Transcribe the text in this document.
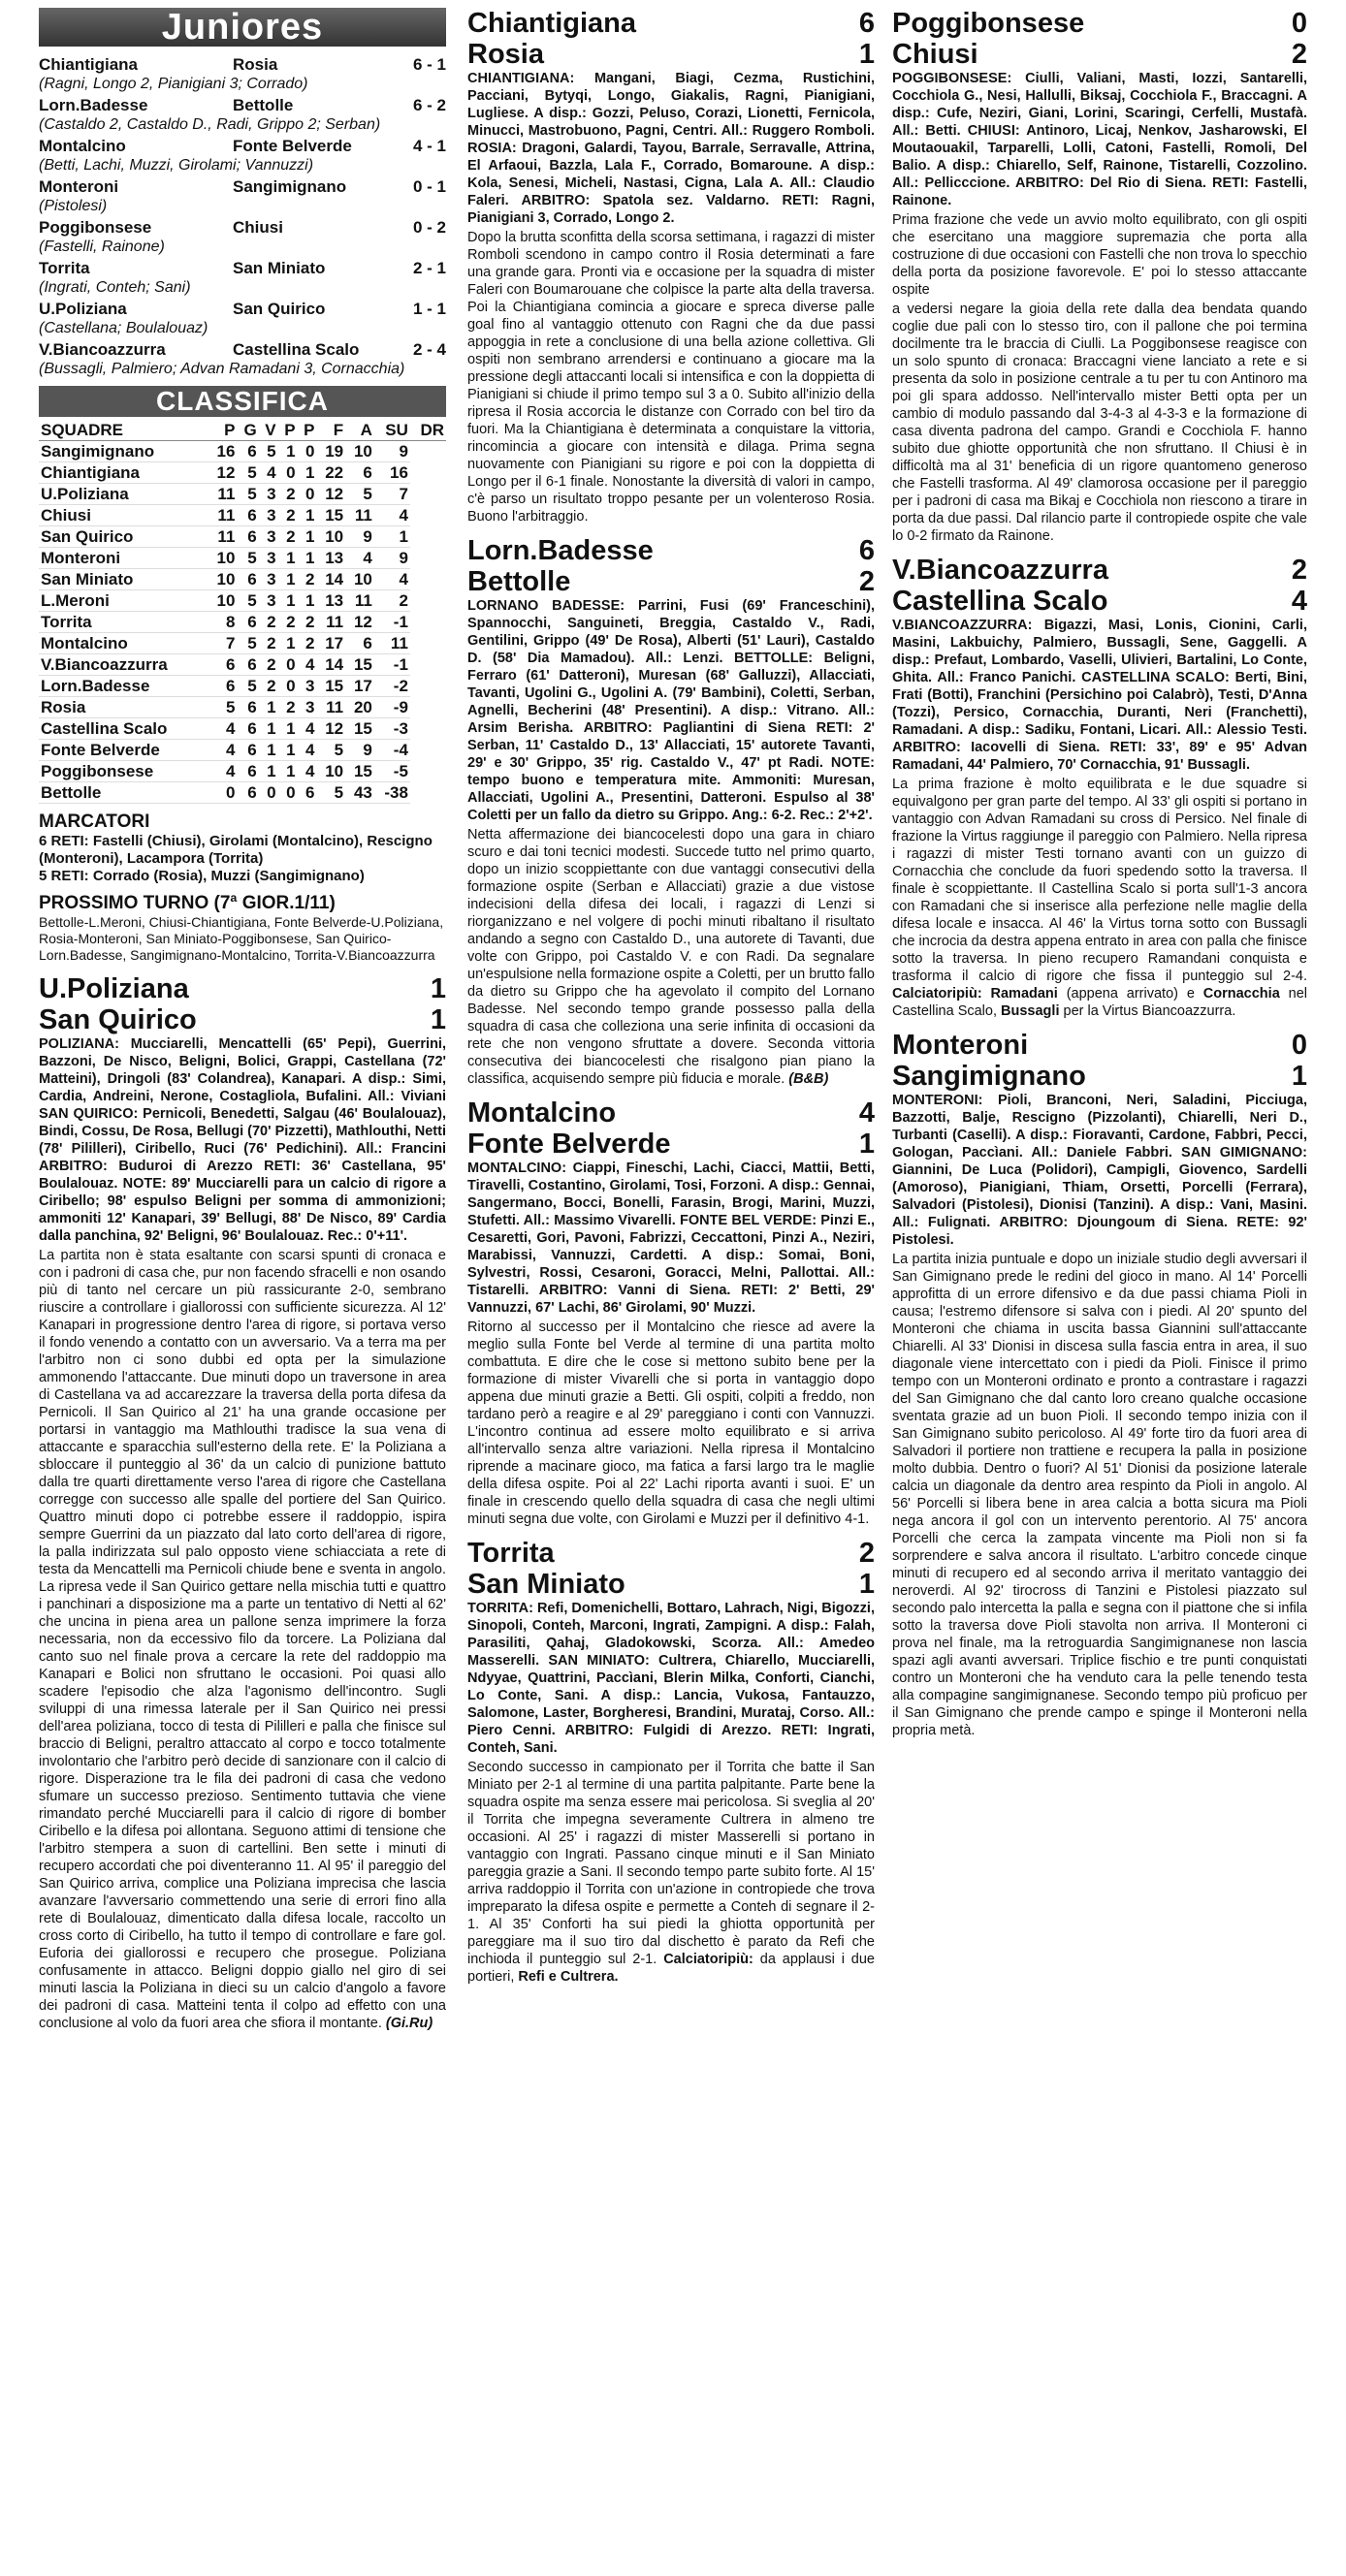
Juniores
Chiantigiana	Rosia	6 - 1
(Ragni, Longo 2, Pianigiani 3; Corrado)
Lorn.Badesse	Bettolle	6 - 2
(Castaldo 2, Castaldo D., Radi, Grippo 2; Serban)
Montalcino	Fonte Belverde	4 - 1
(Betti, Lachi, Muzzi, Girolami; Vannuzzi)
Monteroni	Sangimignano	0 - 1
(Pistolesi)
Poggibonsese	Chiusi	0 - 2
(Fastelli, Rainone)
Torrita	San Miniato	2 - 1
(Ingrati, Conteh; Sani)
U.Poliziana	San Quirico	1 - 1
(Castellana; Boulalouaz)
V.Biancoazzurra	Castellina Scalo	2 - 4
(Bussagli, Palmiero; Advan Ramadani 3, Cornacchia)
CLASSIFICA
SQUADRE	P	G	V	P	P	F	A	SU	DR
Sangimignano	16	6	5	1	0	19	10	9	
Chiantigiana	12	5	4	0	1	22	6	16	
U.Poliziana	11	5	3	2	0	12	5	7	
Chiusi	11	6	3	2	1	15	11	4	
San Quirico	11	6	3	2	1	10	9	1	
Monteroni	10	5	3	1	1	13	4	9	
San Miniato	10	6	3	1	2	14	10	4	
L.Meroni	10	5	3	1	1	13	11	2	
Torrita	8	6	2	2	2	11	12	-1	
Montalcino	7	5	2	1	2	17	6	11	
V.Biancoazzurra	6	6	2	0	4	14	15	-1	
Lorn.Badesse	6	5	2	0	3	15	17	-2	
Rosia	5	6	1	2	3	11	20	-9	
Castellina Scalo	4	6	1	1	4	12	15	-3	
Fonte Belverde	4	6	1	1	4	5	9	-4	
Poggibonsese	4	6	1	1	4	10	15	-5	
Bettolle	0	6	0	0	6	5	43	-38	
MARCATORI
6 RETI: Fastelli (Chiusi), Girolami (Montalcino), Rescigno (Monteroni), Lacamporа (Torrita)
5 RETI: Corrado (Rosia), Muzzi (Sangimignano)
PROSSIMO TURNO (7ª GIOR.1/11)
Bettolle-L.Meroni, Chiusi-Chiantigiana, Fonte Belverde-U.Poliziana, Rosia-Monteroni, San Miniato-Poggibonsese, San Quirico-Lorn.Badesse, Sangimignano-Montalcino, Torrita-V.Biancoazzurra
U.Poliziana	1
San Quirico	1
POLIZIANA: Mucciarelli, Mencattelli (65' Pepi), Guerrini, Bazzoni, De Nisco, Beligni, Bolici, Grappi, Castellana (72' Matteini), Dringoli (83' Colandrea), Kanapari. A disp.: Simi, Cardia, Andreini, Nerone, Costagliola, Bufalini. All.: Viviani SAN QUIRICO: Pernicoli, Benedetti, Salgau (46' Boulalouaz), Bindi, Cossu, De Rosa, Bellugi (70' Pizzetti), Mathlouthi, Netti (78' Pililleri), Ciribello, Ruci (76' Pedichini). All.: Francini ARBITRO: Buduroi di Arezzo RETI: 36' Castellana, 95' Boulalouaz. NOTE: 89' Mucciarelli para un calcio di rigore a Ciribello; 98' espulso Beligni per somma di ammonizioni; ammoniti 12' Kanapari, 39' Bellugi, 88' De Nisco, 89' Cardia dalla panchina, 92' Beligni, 96' Boulalouaz. Rec.: 0'+11'.
La partita non è stata esaltante con scarsi spunti di cronaca e con i padroni di casa che, pur non facendo sfracelli e non osando più di tanto nel cercare un più rassicurante 2-0, sembrano riuscire a controllare i giallorossi con sufficiente sicurezza. Al 12' Kanapari in progressione dentro l'area di rigore, si portava verso il fondo venendo a contatto con un avversario. Va a terra ma per l'arbitro non ci sono dubbi ed opta per la simulazione ammonendo l'attaccante. Due minuti dopo un traversone in area di Castellana va ad accarezzare la traversa della porta difesa da Pernicoli. Il San Quirico al 21' ha una grande occasione per portarsi in vantaggio ma Mathlouthi tradisce la sua vena di attaccante e sparacchia sull'esterno della rete. E' la Poliziana a sbloccare il punteggio al 36' da un calcio di punizione battuto dalla tre quarti direttamente verso l'area di rigore che Castellana corregge con successo alle spalle del portiere del San Quirico. Quattro minuti dopo ci potrebbe essere il raddoppio, ispira sempre Guerrini da un piazzato dal lato corto dell'area di rigore, la palla indirizzata sul palo opposto viene schiacciata a rete di testa da Mencattelli ma Pernicoli chiude bene e sventa in angolo. La ripresa vede il San Quirico gettare nella mischia tutti e quattro i panchinari a disposizione ma a parte un tentativo di Netti al 62' che uncina in piena area un pallone senza imprimere la forza necessaria, non da eccessivo filo da torcere. La Poliziana dal canto suo nel finale prova a cercare la rete del raddoppio ma Kanapari e Bolici non sfruttano le occasioni. Poi quasi allo scadere l'episodio che alza l'agonismo dell'incontro. Sugli sviluppi di una rimessa laterale per il San Quirico nei pressi dell'area poliziana, tocco di testa di Pililleri e palla che finisce sul braccio di Beligni, peraltro attaccato al corpo e tocco totalmente involontario che l'arbitro però decide di sanzionare con il calcio di rigore. Disperazione tra le fila dei padroni di casa che vedono sfumare un successo prezioso. Sentimento tuttavia che viene rimandato perché Mucciarelli para il calcio di rigore di bomber Ciribello e la difesa poi allontana. Seguono attimi di tensione che l'arbitro stempera a suon di cartellini. Ben sette i minuti di recupero accordati che poi diventeranno 11. Al 95' il pareggio del San Quirico arriva, complice una Poliziana imprecisa che lascia avanzare l'avversario commettendo una serie di errori fino alla rete di Boulalouaz, dimenticato dalla difesa locale, raccolto un cross corto di Ciribello, ha tutto il tempo di controllare e fare gol. Euforia dei giallorossi e recupero che prosegue. Poliziana confusamente in attacco. Beligni doppio giallo nel giro di sei minuti lascia la Poliziana in dieci su un calcio d'angolo a favore dei padroni di casa. Matteini tenta il colpo ad effetto con una conclusione al volo da fuori area che sfiora il montante. (Gi.Ru)
Chiantigiana	6
Rosia	1
CHIANTIGIANA: Mangani, Biagi, Cezma, Rustichini, Pacciani, Bytyqi, Longo, Giakalis, Ragni, Pianigiani, Lugliese. A disp.: Gozzi, Peluso, Corazi, Lionetti, Fernicola, Minucci, Mastrobuono, Pagni, Centri. All.: Ruggero Romboli. ROSIA: Dragoni, Galardi, Tayou, Barrale, Serravalle, Attrina, El Arfaoui, Bazzla, Lala F., Corrado, Bomaroune. A disp.: Kola, Senesi, Micheli, Nastasi, Cigna, Lala A. All.: Claudio Faleri. ARBITRO: Spatola sez. Valdarno. RETI: Ragni, Pianigiani 3, Corrado, Longo 2.
Dopo la brutta sconfitta della scorsa settimana, i ragazzi di mister Romboli scendono in campo contro il Rosia determinati a fare una grande gara. Pronti via e occasione per la squadra di mister Faleri con Boumarouane che colpisce la parte alta della traversa. Poi la Chiantigiana comincia a giocare e spreca diverse palle goal fino al vantaggio ottenuto con Ragni che da due passi appoggia in rete a conclusione di una bella azione collettiva. Gli ospiti non sembrano arrendersi e continuano a giocare ma la pressione degli attaccanti locali si intensifica e con la doppietta di Pianigiani si chiude il primo tempo sul 3 a 0. Subito all'inizio della ripresa il Rosia accorcia le distanze con Corrado con bel tiro da fuori. Ma la Chiantigiana è determinata a conquistare la vittoria, rincomincia a giocare con intensità e dilaga. Prima segna nuovamente con Pianigiani su rigore e poi con la doppietta di Longo per il 6-1 finale. Nonostante la diversità di valori in campo, c'è parso un risultato troppo pesante per un volenteroso Rosia. Buono l'arbitraggio.
Lorn.Badesse	6
Bettolle	2
LORNANO BADESSE: Parrini, Fusi (69' Franceschini), Spannocchi, Sanguineti, Breggia, Castaldo V., Radi, Gentilini, Grippo (49' De Rosa), Alberti (51' Lauri), Castaldo D. (58' Dia Mamadou). All.: Lenzi. BETTOLLE: Beligni, Ferraro (61' Datteroni), Muresan (68' Galluzzi), Allacciati, Tavanti, Ugolini G., Ugolini A. (79' Bambini), Coletti, Serban, Agnelli, Becherini (48' Presentini). A disp.: Vitrano. All.: Arsim Berisha. ARBITRO: Pagliantini di Siena RETI: 2' Serban, 11' Castaldo D., 13' Allacciati, 15' autorete Tavanti, 29' e 30' Grippo, 35' rig. Castaldo V., 47' pt Radi. NOTE: tempo buono e temperatura mite. Ammoniti: Muresan, Allacciati, Ugolini A., Presentini, Datteroni. Espulso al 38' Coletti per un fallo da dietro su Grippo. Ang.: 6-2. Rec.: 2'+2'.
Netta affermazione dei biancocelesti dopo una gara in chiaro scuro e dai toni tecnici modesti. Succede tutto nel primo quarto, dopo un inizio scoppiettante con due vantaggi consecutivi della formazione ospite (Serban e Allacciati) grazie a due vistose indecisioni della difesa dei locali, i ragazzi di Lenzi si riorganizzano e nel volgere di pochi minuti ribaltano il risultato andando a segno con Castaldo D., una autorete di Tavanti, due volte con Grippo, poi Castaldo V. e con Radi. Da segnalare un'espulsione nella formazione ospite a Coletti, per un brutto fallo da dietro su Grippo che ha agevolato il compito del Lornano Badesse. Nel secondo tempo grande possesso palla della squadra di casa che colleziona una serie infinita di occasioni da rete che non vengono sfruttate a dovere. Seconda vittoria consecutiva dei biancocelesti che risalgono pian piano la classifica, acquisendo sempre più fiducia e morale. (B&B)
Montalcino	4
Fonte Belverde	1
MONTALCINO: Ciappi, Fineschi, Lachi, Ciacci, Mattii, Betti, Tiravelli, Costantino, Girolami, Tosi, Forzoni. A disp.: Gennai, Sangermano, Bocci, Bonelli, Farasin, Brogi, Marini, Muzzi, Stufetti. All.: Massimo Vivarelli. FONTE BEL VERDE: Pinzi E., Cesaretti, Gori, Pavoni, Fabrizzi, Ceccattoni, Pinzi A., Neziri, Marabissi, Vannuzzi, Cardetti. A disp.: Somai, Boni, Sylvestri, Rossi, Cesaroni, Goracci, Melni, Pallottai. All.: Tistarelli. ARBITRO: Vanni di Siena. RETI: 2' Betti, 29' Vannuzzi, 67' Lachi, 86' Girolami, 90' Muzzi.
Ritorno al successo per il Montalcino che riesce ad avere la meglio sulla Fonte bel Verde al termine di una partita molto combattuta. E dire che le cose si mettono subito bene per la formazione di mister Vivarelli che si porta in vantaggio dopo appena due minuti grazie a Betti. Gli ospiti, colpiti a freddo, non tardano però a reagire e al 29' pareggiano i conti con Vannuzzi. L'incontro continua ad essere molto equilibrato e si arriva all'intervallo senza altre variazioni. Nella ripresa il Montalcino riprende a macinare gioco, ma fatica a farsi largo tra le maglie della difesa ospite. Poi al 22' Lachi riporta avanti i suoi. E' un finale in crescendo quello della squadra di casa che negli ultimi minuti segna due volte, con Girolami e Muzzi per il definitivo 4-1.
Torrita	2
San Miniato	1
TORRITA: Refi, Domenichelli, Bottaro, Lahrach, Nigi, Bigozzi, Sinopoli, Conteh, Marconi, Ingrati, Zampigni. A disp.: Falah, Parasiliti, Qahaj, Gladokowski, Scorza. All.: Amedeo Masserelli. SAN MINIATO: Cultrera, Chiarello, Mucciarelli, Ndyyae, Quattrini, Paccìani, Blerin Milka, Conforti, Cianchi, Lo Conte, Sani. A disp.: Lancia, Vukosa, Fantauzzo, Salomone, Laster, Borgheresi, Brandini, Murataj, Corso. All.: Piero Cenni. ARBITRO: Fulgidi di Arezzo. RETI: Ingrati, Conteh, Sani.
Secondo successo in campionato per il Torrita che batte il San Miniato per 2-1 al termine di una partita palpitante. Parte bene la squadra ospite ma senza essere mai pericolosa. Si sveglia al 20' il Torrita che impegna severamente Cultrera in almeno tre occasioni. Al 25' i ragazzi di mister Masserelli si portano in vantaggio con Ingrati. Passano cinque minuti e il San Miniato pareggia grazie a Sani. Il secondo tempo parte subito forte. Al 15' arriva raddoppio il Torrita con un'azione in contropiede che trova impreparato la difesa ospite e permette a Conteh di segnare il 2-1. Al 35' Conforti ha sui piedi la ghiotta opportunità per pareggiare ma il suo tiro dal dischetto è parato da Refi che inchioda il punteggio sul 2-1. Calciatoripiù: da applausi i due portieri, Refi e Cultrera.
Poggibonsese	0
Chiusi	2
POGGIBONSESE: Ciulli, Valiani, Masti, Iozzi, Santarelli, Cocchiola G., Nesi, Hallulli, Biksaj, Cocchiola F., Braccagni. A disp.: Cufe, Neziri, Giani, Lorini, Scaringi, Cerfelli, Mustafà. All.: Betti. CHIUSI: Antinoro, Licaj, Nenkov, Jasharowski, El Moutaouakil, Tarparelli, Lolli, Catoni, Fastelli, Romoli, Del Balio. A disp.: Chiarello, Self, Rainone, Tistarelli, Cozzolino. All.: Pellicccione. ARBITRO: Del Rio di Siena. RETI: Fastelli, Rainone.
Prima frazione che vede un avvio molto equilibrato, con gli ospiti che esercitano una maggiore supremazia che porta alla costruzione di due occasioni con Fastelli che non trova lo specchio della porta da posizione favorevole. E' poi lo stesso attaccante ospite
a vedersi negare la gioia della rete dalla dea bendata quando coglie due pali con lo stesso tiro, con il pallone che poi termina docilmente tra le braccia di Ciulli. La Poggibonsese reagisce con un solo spunto di cronaca: Braccagni viene lanciato a rete e si presenta da solo in posizione centrale a tu per tu con Antinoro ma poi gli spara addosso. Nell'intervallo mister Betti opta per un cambio di modulo passando dal 3-4-3 al 4-3-3 e la formazione di casa diventa padrona del campo. Grandi e Cocchiola F. hanno subito due ghiotte opportunità che non sfruttano. Il Chiusi è in difficoltà ma al 31' beneficia di un rigore quantomeno generoso che Fastelli trasforma. Al 49' clamorosa occasione per il pareggio per i padroni di casa ma Bikaj e Cocchiola non riescono a tirare in porta da due passi. Dal rilancio parte il contropiede ospite che vale lo 0-2 firmato da Rainone.
V.Biancoazzurra	2
Castellina Scalo	4
V.BIANCOAZZURRA: Bigazzi, Masi, Lonis, Cionini, Carli, Masini, Lakbuichy, Palmiero, Bussagli, Sene, Gaggelli. A disp.: Prefaut, Lombardo, Vaselli, Ulivieri, Bartalini, Lo Conte, Ghita. All.: Franco Panichi. CASTELLINA SCALO: Berti, Bini, Frati (Botti), Franchini (Persichino poi Calabrò), Testi, D'Anna (Tozzi), Persico, Cornacchia, Duranti, Neri (Franchetti), Ramadani. A disp.: Sadiku, Fontani, Licari. All.: Alessio Testi. ARBITRO: Iacovelli di Siena. RETI: 33', 89' e 95' Advan Ramadani, 44' Palmiero, 70' Cornacchia, 91' Bussagli.
La prima frazione è molto equilibrata e le due squadre si equivalgono per gran parte del tempo. Al 33' gli ospiti si portano in vantaggio con Advan Ramadani su cross di Persico. Nel finale di frazione la Virtus raggiunge il pareggio con Palmiero. Nella ripresa i ragazzi di mister Testi tornano avanti con un guizzo di Cornacchia che conclude da fuori spedendo sotto la traversa. Il finale è scoppiettante. Il Castellina Scalo si porta sull'1-3 ancora con Ramadani che si inserisce alla perfezione nelle maglie della difesa locale e insacca. Al 46' la Virtus torna sotto con Bussagli che incrocia da destra appena entrato in area con palla che finisce sotto la traversa. In pieno recupero Ramandani conquista e trasforma il calcio di rigore che fissa il punteggio sul 2-4. Calciatoripiù: Ramadani (appena arrivato) e Cornacchia nel Castellina Scalo, Bussagli per la Virtus Biancoazzurra.
Monteroni	0
Sangimignano	1
MONTERONI: Pioli, Branconi, Neri, Saladini, Picciuga, Bazzotti, Balje, Rescigno (Pizzolanti), Chiarelli, Neri D., Turbanti (Caselli). A disp.: Fioravanti, Cardone, Fabbri, Pecci, Gologan, Paccìani. All.: Daniele Fabbri. SAN GIMIGNANO: Giannini, De Luca (Polidori), Campigli, Giovenco, Sardelli (Amoroso), Pianigiani, Thiam, Orsetti, Porcelli (Ferrara), Salvadori (Pistolesi), Dionisi (Tanzini). A disp.: Vani, Masini. All.: Fulignati. ARBITRO: Djoungoum di Siena. RETE: 92' Pistolesi.
La partita inizia puntuale e dopo un iniziale studio degli avversari il San Gimignano prede le redini del gioco in mano. Al 14' Porcelli approfitta di un errore difensivo e da due passi chiama Pioli in causa; l'estremo difensore si salva con i piedi. Al 20' spunto del Monteroni che chiama in uscita bassa Giannini sull'attaccante Chiarelli. Al 33' Dionisi in discesa sulla fascia entra in area, il suo diagonale viene intercettato con i piedi da Pioli. Finisce il primo tempo con un Monteroni ordinato e pronto a contrastare i ragazzi del San Gimignano che dal canto loro creano qualche occasione sventata grazie ad un buon Pioli. Il secondo tempo inizia con il San Gimignano subito pericoloso. Al 49' forte tiro da fuori area di Salvadori il portiere non trattiene e recupera la palla in posizione molto dubbia. Dentro o fuori? Al 51' Dionisi da posizione laterale calcia un diagonale da dentro area respinto da Pioli in angolo. Al 56' Porcelli si libera bene in area calcia a botta sicura ma Pioli nega ancora il gol con un intervento perentorio. Al 75' ancora Porcelli che cerca la zampata vincente ma Pioli non si fa sorprendere e salva ancora il risultato. L'arbitro concede cinque minuti di recupero ed al secondo arriva il meritato vantaggio dei neroverdi. Al 92' tirocross di Tanzini e Pistolesi piazzato sul secondo palo intercetta la palla e segna con il piattone che si infila sotto la traversa dove Pioli stavolta non arriva. Il Monteroni ci prova nel finale, ma la retroguardia Sangimignanese non lascia spazi agli avanti avversari. Triplice fischio e tre punti conquistati contro un Monteroni che ha venduto cara la pelle tenendo testa alla compagine sangimignanese. Secondo tempo più proficuo per il San Gimignano che prende campo e spinge il Monteroni nella propria metà.
